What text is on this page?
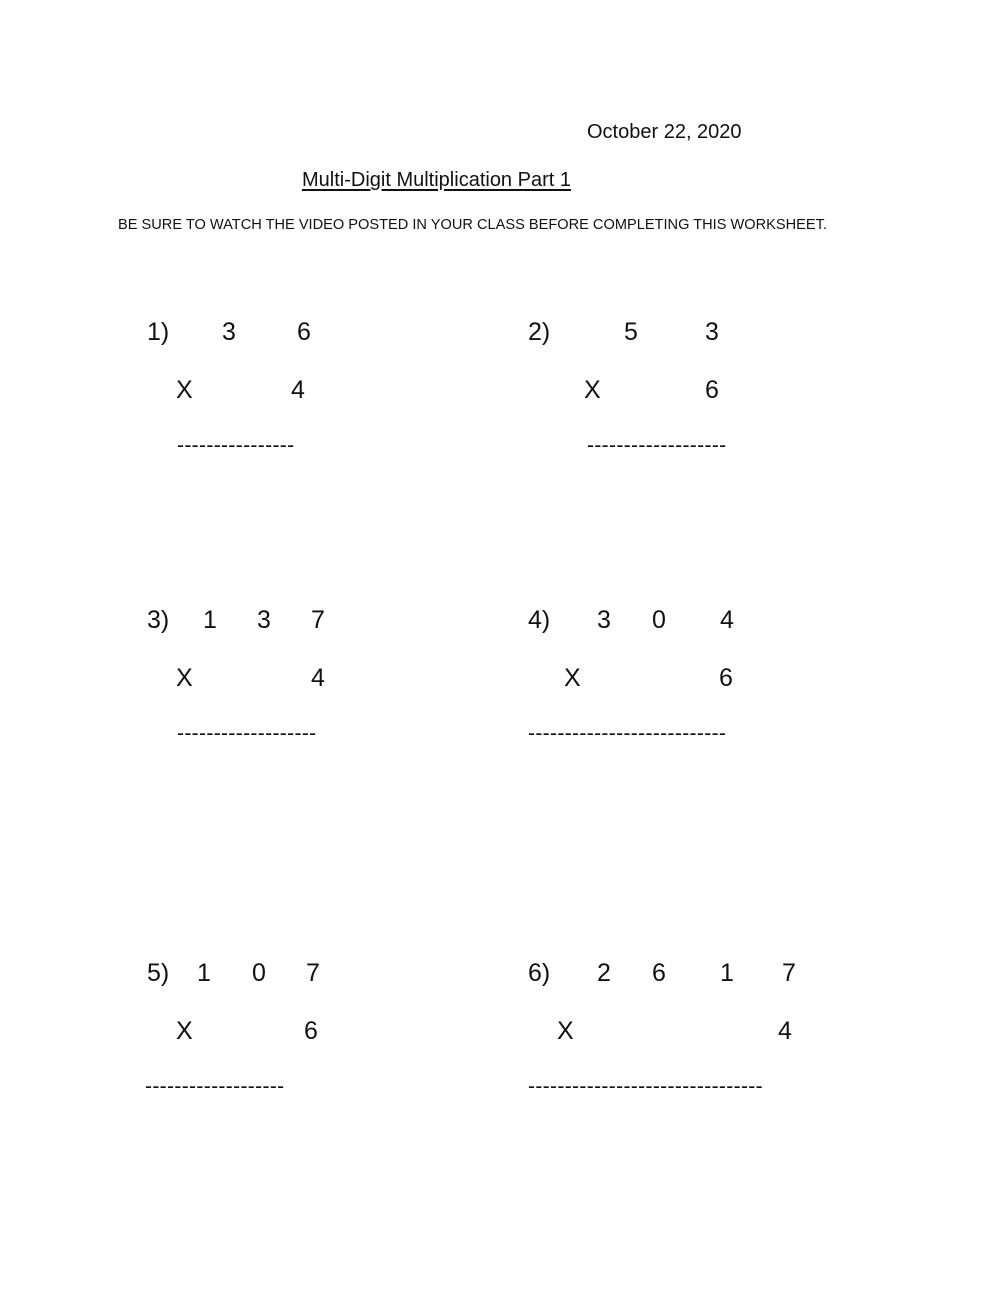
October 22, 2020
Multi-Digit Multiplication Part 1
BE SURE TO WATCH THE VIDEO POSTED IN YOUR CLASS BEFORE COMPLETING THIS WORKSHEET.
1) 3 6
X	4
----------------
2)	5	3
X	6
-------------------
3) 1 3 7
X	4
-------------------
4) 3 0 4
X	6
---------------------------
5) 1 0 7
X	6
-------------------
6) 2 6 1 7
X	4
--------------------------------
